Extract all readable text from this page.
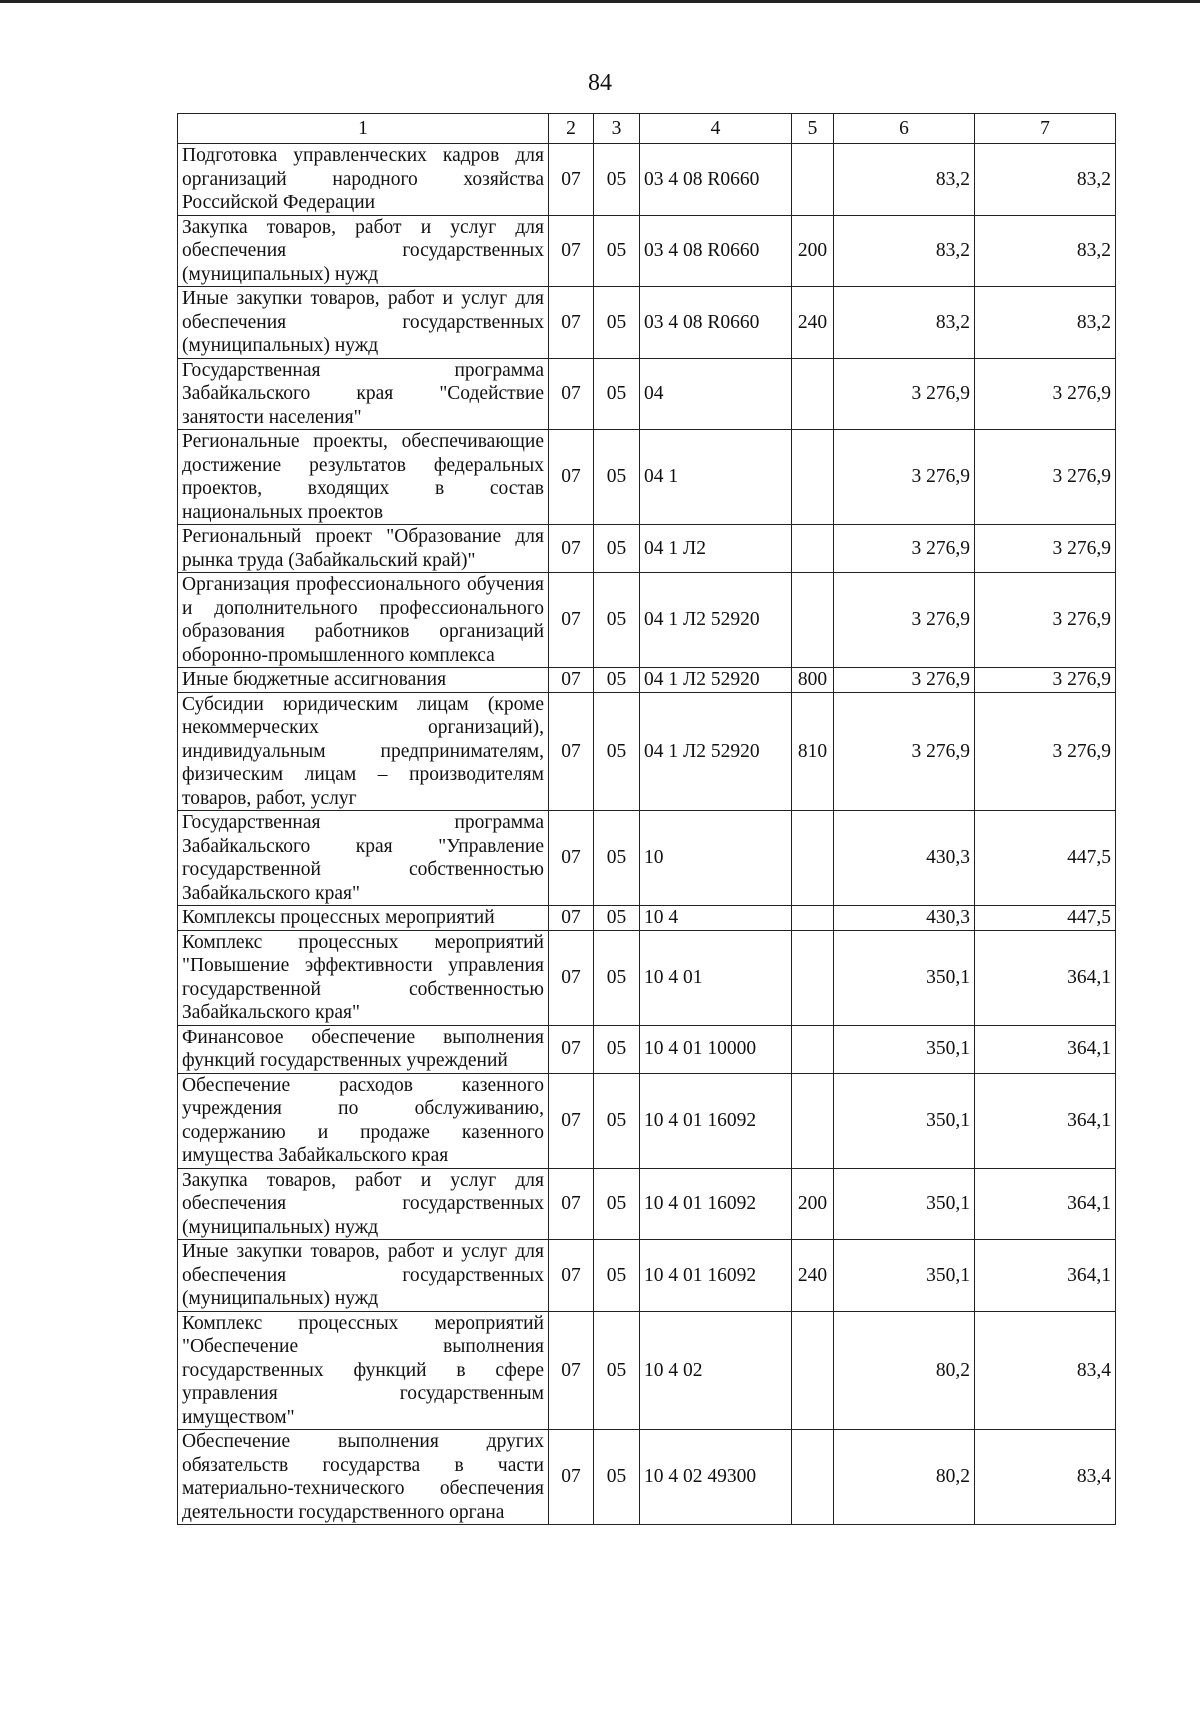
84
1	2	3	4	5	6	7
Подготовка управленческих кадров для организаций народного хозяйства Российской Федерации	07	05	03 4 08 R0660		83,2	83,2
Закупка товаров, работ и услуг для обеспечения государственных (муниципальных) нужд	07	05	03 4 08 R0660	200	83,2	83,2
Иные закупки товаров, работ и услуг для обеспечения государственных (муниципальных) нужд	07	05	03 4 08 R0660	240	83,2	83,2
Государственная программа Забайкальского края "Содействие занятости населения"	07	05	04		3 276,9	3 276,9
Региональные проекты, обеспечивающие достижение результатов федеральных проектов, входящих в состав национальных проектов	07	05	04 1		3 276,9	3 276,9
Региональный проект "Образование для рынка труда (Забайкальский край)"	07	05	04 1 Л2		3 276,9	3 276,9
Организация профессионального обучения и дополнительного профессионального образования работников организаций оборонно-промышленного комплекса	07	05	04 1 Л2 52920		3 276,9	3 276,9
Иные бюджетные ассигнования	07	05	04 1 Л2 52920	800	3 276,9	3 276,9
Субсидии юридическим лицам (кроме некоммерческих организаций), индивидуальным предпринимателям, физическим лицам – производителям товаров, работ, услуг	07	05	04 1 Л2 52920	810	3 276,9	3 276,9
Государственная программа Забайкальского края "Управление государственной собственностью Забайкальского края"	07	05	10		430,3	447,5
Комплексы процессных мероприятий	07	05	10 4		430,3	447,5
Комплекс процессных мероприятий "Повышение эффективности управления государственной собственностью Забайкальского края"	07	05	10 4 01		350,1	364,1
Финансовое обеспечение выполнения функций государственных учреждений	07	05	10 4 01 10000		350,1	364,1
Обеспечение расходов казенного учреждения по обслуживанию, содержанию и продаже казенного имущества Забайкальского края	07	05	10 4 01 16092		350,1	364,1
Закупка товаров, работ и услуг для обеспечения государственных (муниципальных) нужд	07	05	10 4 01 16092	200	350,1	364,1
Иные закупки товаров, работ и услуг для обеспечения государственных (муниципальных) нужд	07	05	10 4 01 16092	240	350,1	364,1
Комплекс процессных мероприятий "Обеспечение выполнения государственных функций в сфере управления государственным имуществом"	07	05	10 4 02		80,2	83,4
Обеспечение выполнения других обязательств государства в части материально-технического обеспечения деятельности государственного органа	07	05	10 4 02 49300		80,2	83,4
